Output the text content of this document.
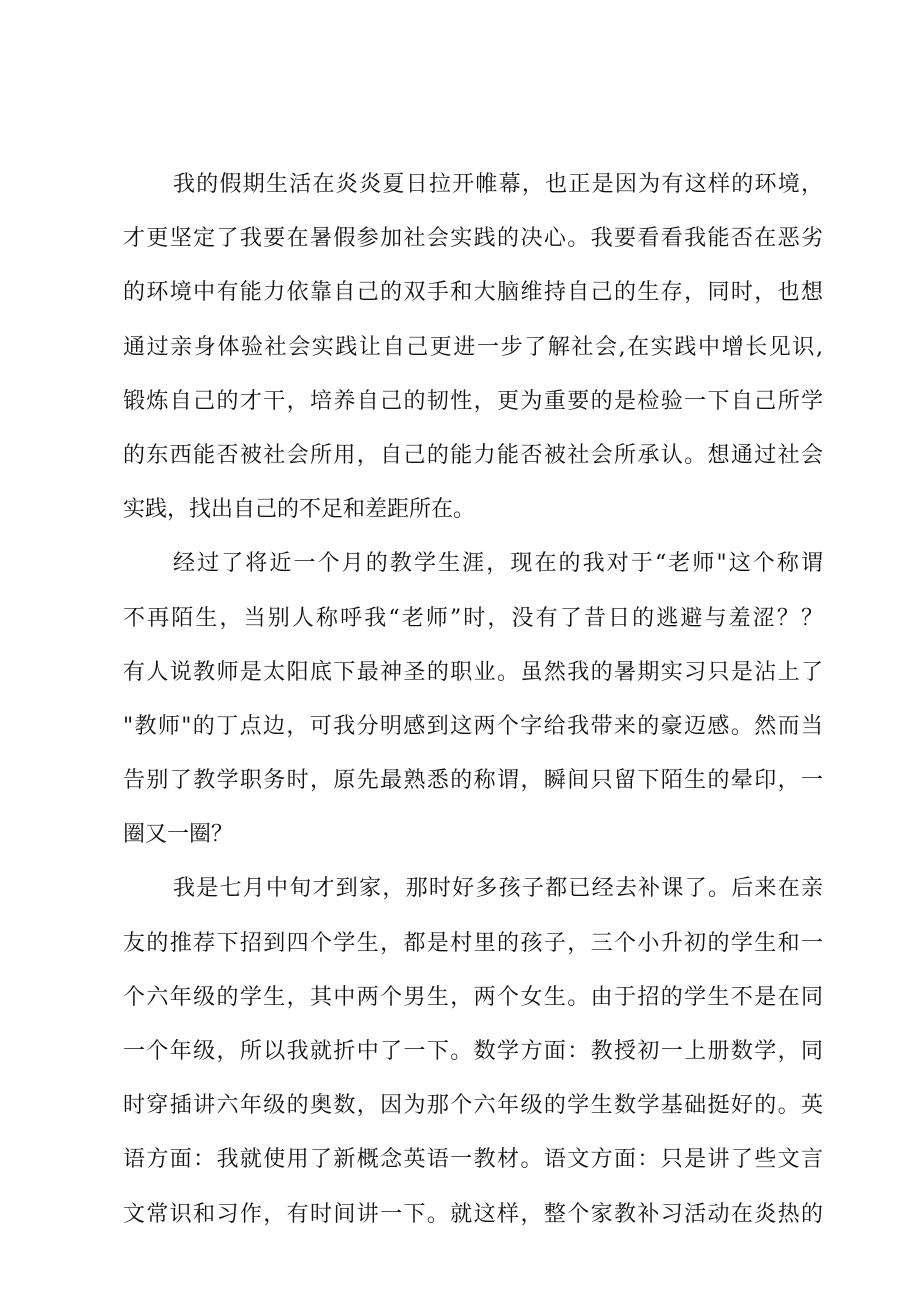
我的假期生活在炎炎夏日拉开帷幕，也正是因为有这样的环境，
才更坚定了我要在暑假参加社会实践的决心。我要看看我能否在恶劣
的环境中有能力依靠自己的双手和大脑维持自己的生存，同时，也想
通过亲身体验社会实践让自己更进一步了解社会,在实践中增长见识,
锻炼自己的才干，培养自己的韧性，更为重要的是检验一下自己所学
的东西能否被社会所用，自己的能力能否被社会所承认。想通过社会
实践，找出自己的不足和差距所在。
经过了将近一个月的教学生涯，现在的我对于“老师"这个称谓
不再陌生，当别人称呼我“老师”时，没有了昔日的逃避与羞涩？？
有人说教师是太阳底下最神圣的职业。虽然我的暑期实习只是沾上了
"教师"的丁点边，可我分明感到这两个字给我带来的豪迈感。然而当
告别了教学职务时，原先最熟悉的称谓，瞬间只留下陌生的晕印，一
圈又一圈？
我是七月中旬才到家，那时好多孩子都已经去补课了。后来在亲
友的推荐下招到四个学生，都是村里的孩子，三个小升初的学生和一
个六年级的学生，其中两个男生，两个女生。由于招的学生不是在同
一个年级，所以我就折中了一下。数学方面：教授初一上册数学，同
时穿插讲六年级的奥数，因为那个六年级的学生数学基础挺好的。英
语方面：我就使用了新概念英语一教材。语文方面：只是讲了些文言
文常识和习作，有时间讲一下。就这样，整个家教补习活动在炎热的
